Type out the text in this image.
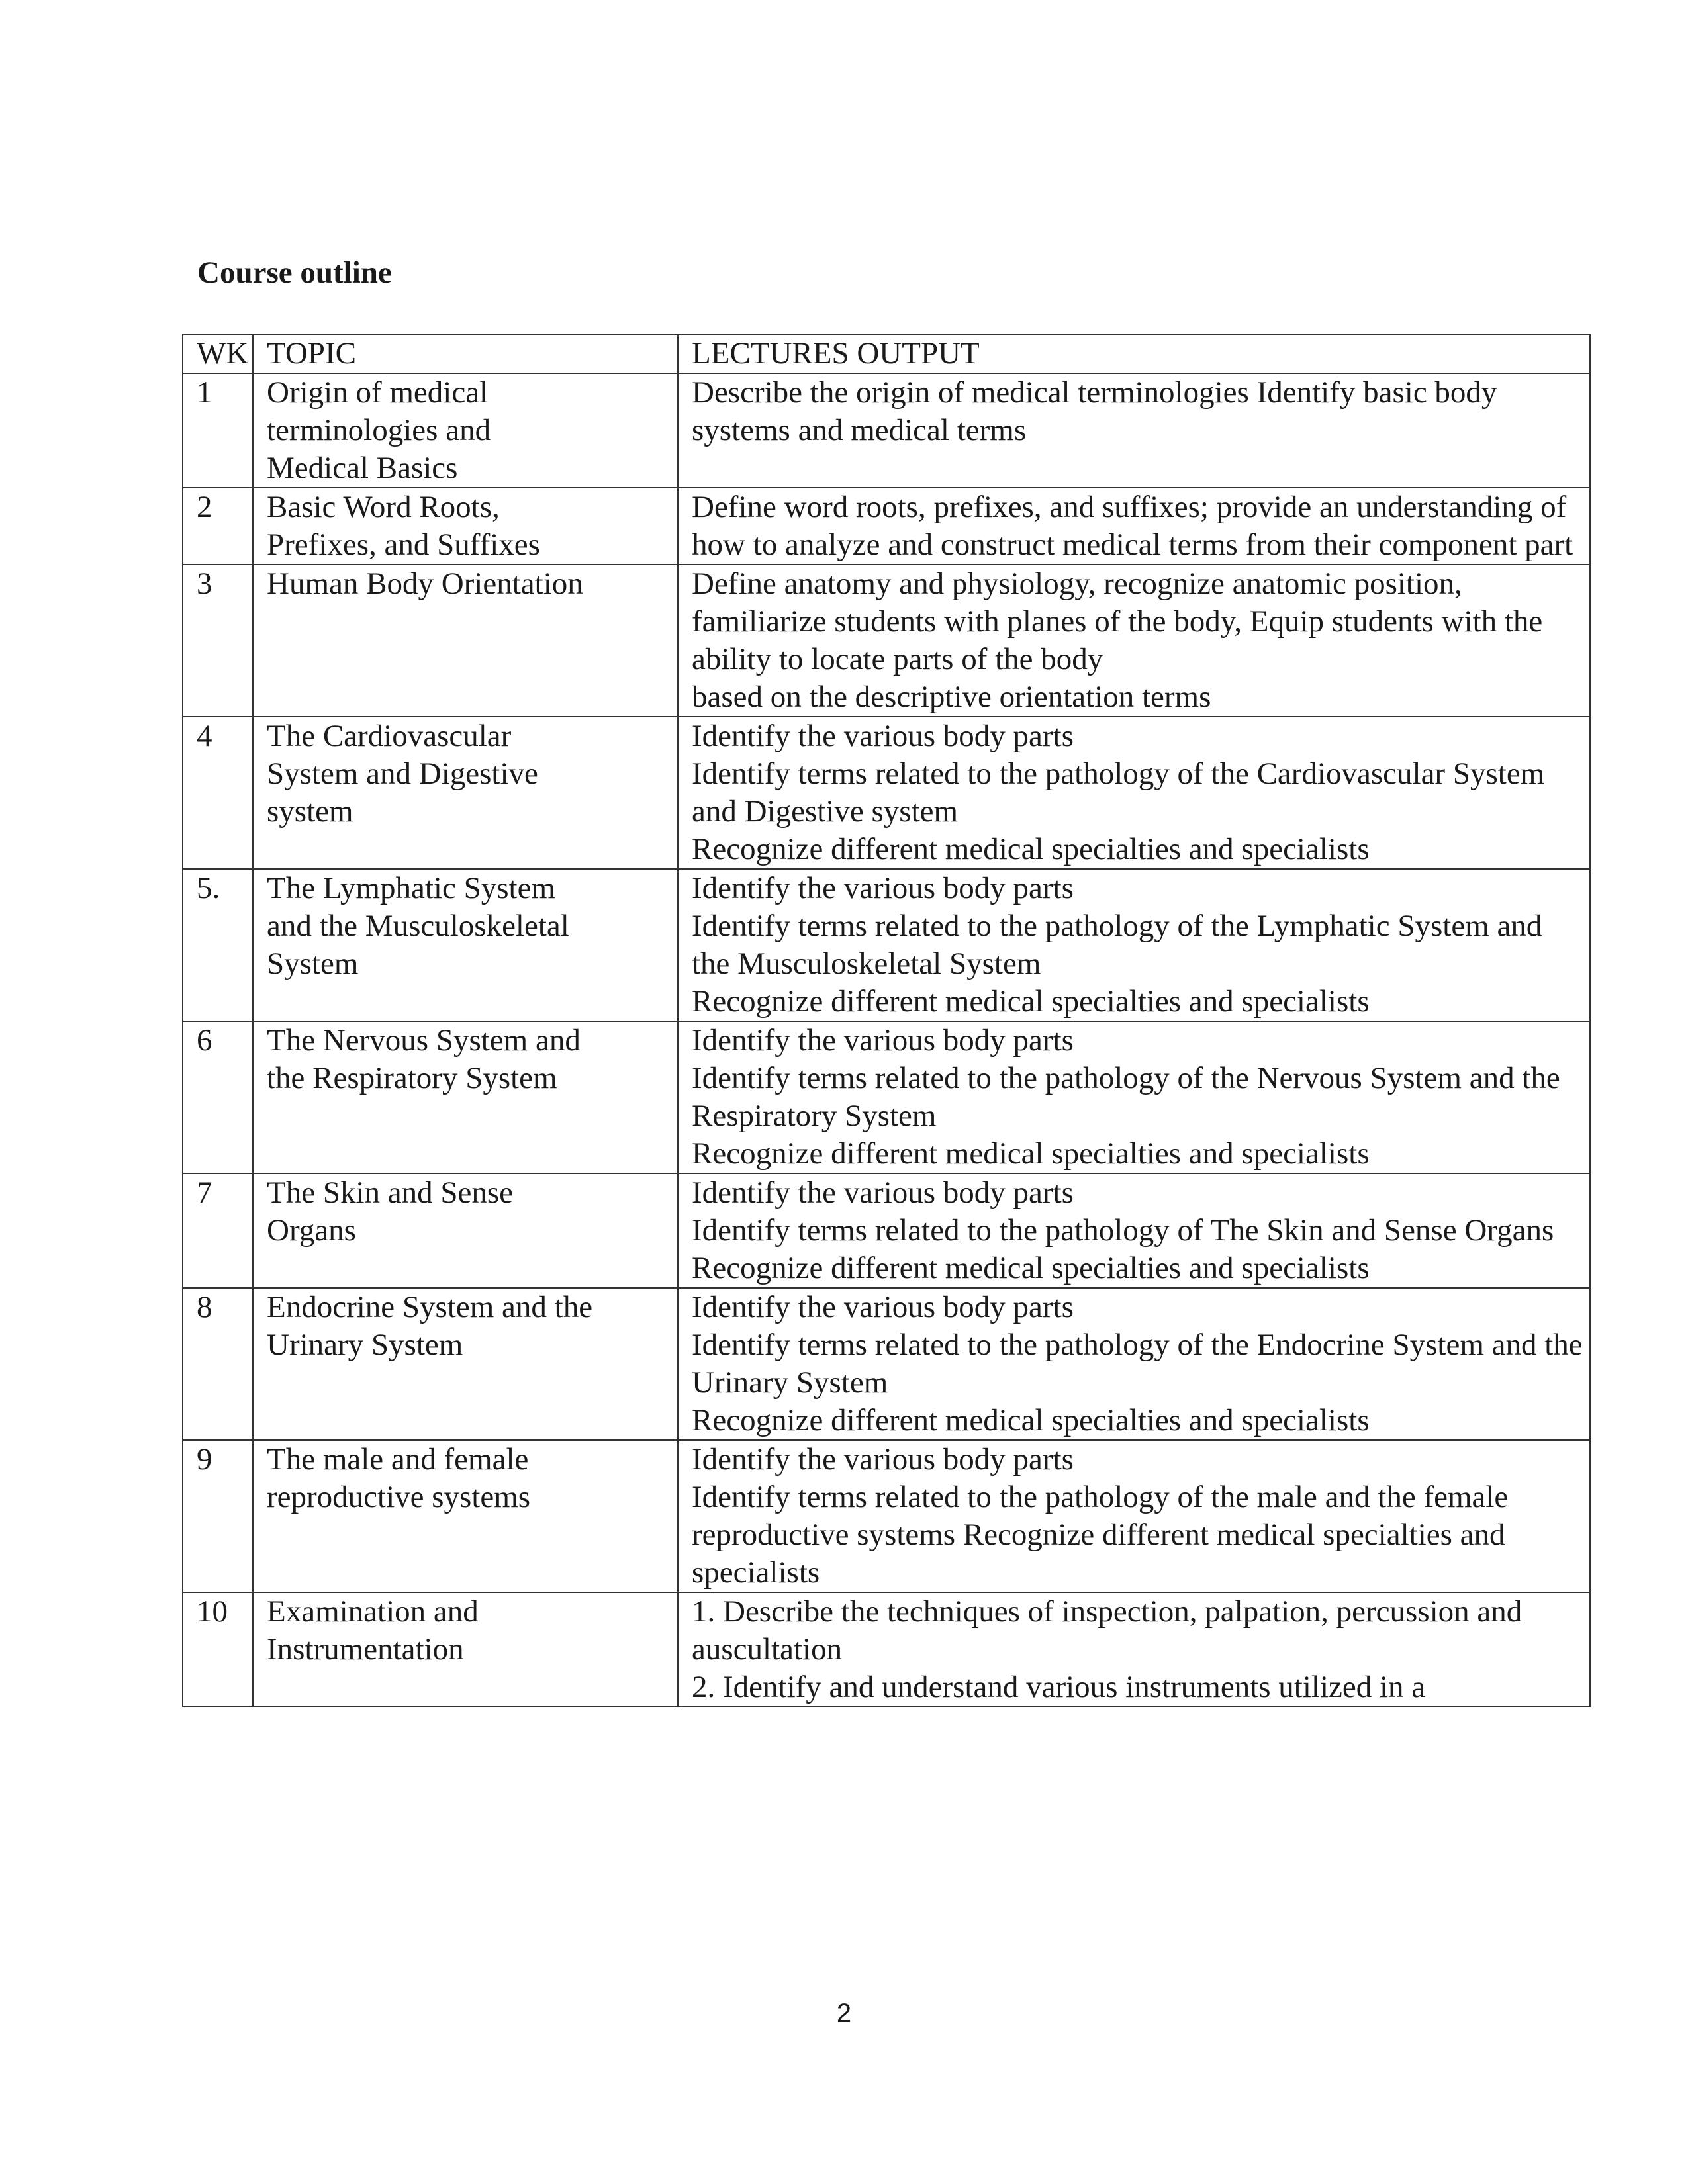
Course outline
WK	TOPIC	LECTURES OUTPUT
1	Origin of medical terminologies and Medical Basics	Describe the origin of medical terminologies Identify basic body systems and medical terms

2	Basic Word Roots, Prefixes, and Suffixes	Define word roots, prefixes, and suffixes; provide an understanding of how to analyze and construct medical terms from their component part

3	Human Body Orientation	Define anatomy and physiology, recognize anatomic position, familiarize students with planes of the body, Equip students with the ability to locate parts of the body
based on the descriptive orientation terms

4	The Cardiovascular System and Digestive system	Identify the various body parts
Identify terms related to the pathology of the Cardiovascular System and Digestive system
Recognize different medical specialties and specialists

5.	The Lymphatic System and the Musculoskeletal System	Identify the various body parts
Identify terms related to the pathology of the Lymphatic System and the Musculoskeletal System
Recognize different medical specialties and specialists

6	The Nervous System and the Respiratory System	Identify the various body parts
Identify terms related to the pathology of the Nervous System and the Respiratory System
Recognize different medical specialties and specialists

7	The Skin and Sense Organs	Identify the various body parts
Identify terms related to the pathology of The Skin and Sense Organs
Recognize different medical specialties and specialists

8	Endocrine System and the Urinary System	Identify the various body parts
Identify terms related to the pathology of the Endocrine System and the Urinary System
Recognize different medical specialties and specialists

9	The male and female reproductive systems	Identify the various body parts
Identify terms related to the pathology of the male and the female reproductive systems Recognize different medical specialties and specialists

10	Examination and Instrumentation	1. Describe the techniques of inspection, palpation, percussion and auscultation
2. Identify and understand various instruments utilized in a
2
